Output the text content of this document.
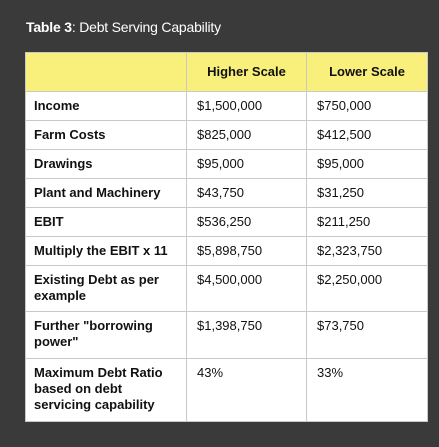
Table 3: Debt Serving Capability
	Higher Scale	Lower Scale
Income	$1,500,000	$750,000
Farm Costs	$825,000	$412,500
Drawings	$95,000	$95,000
Plant and Machinery	$43,750	$31,250
EBIT	$536,250	$211,250
Multiply the EBIT x 11	$5,898,750	$2,323,750
Existing Debt as per example	$4,500,000	$2,250,000
Further "borrowing power"	$1,398,750	$73,750
Maximum Debt Ratio based on debt servicing capability	43%	33%
